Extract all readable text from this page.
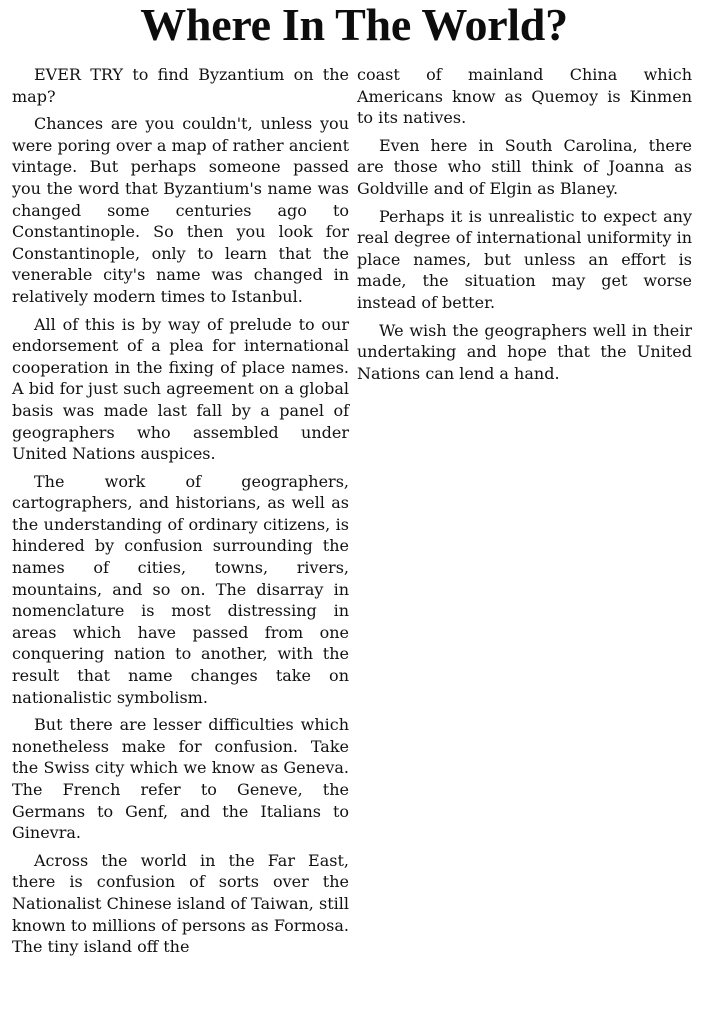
Where In The World?

EVER TRY to find Byzantium on the map?

Chances are you couldn't, unless you were poring over a map of rather ancient vintage. But perhaps someone passed you the word that Byzantium's name was changed some centuries ago to Constantinople. So then you look for Constantinople, only to learn that the venerable city's name was changed in relatively modern times to Istanbul.

All of this is by way of prelude to our endorsement of a plea for international cooperation in the fixing of place names. A bid for just such agreement on a global basis was made last fall by a panel of geographers who assembled under United Nations auspices.

The work of geographers, cartographers, and historians, as well as the understanding of ordinary citizens, is hindered by confusion surrounding the names of cities, towns, rivers, mountains, and so on. The disarray in nomenclature is most distressing in areas which have passed from one conquering nation to another, with the result that name changes take on nationalistic symbolism.

But there are lesser difficulties which nonetheless make for confusion. Take the Swiss city which we know as Geneva. The French refer to Geneve, the Germans to Genf, and the Italians to Ginevra.

Across the world in the Far East, there is confusion of sorts over the Nationalist Chinese island of Taiwan, still known to millions of persons as Formosa. The tiny island off the

coast of mainland China which Americans know as Quemoy is Kinmen to its natives.

Even here in South Carolina, there are those who still think of Joanna as Goldville and of Elgin as Blaney.

Perhaps it is unrealistic to expect any real degree of international uniformity in place names, but unless an effort is made, the situation may get worse instead of better.

We wish the geographers well in their undertaking and hope that the United Nations can lend a hand.
